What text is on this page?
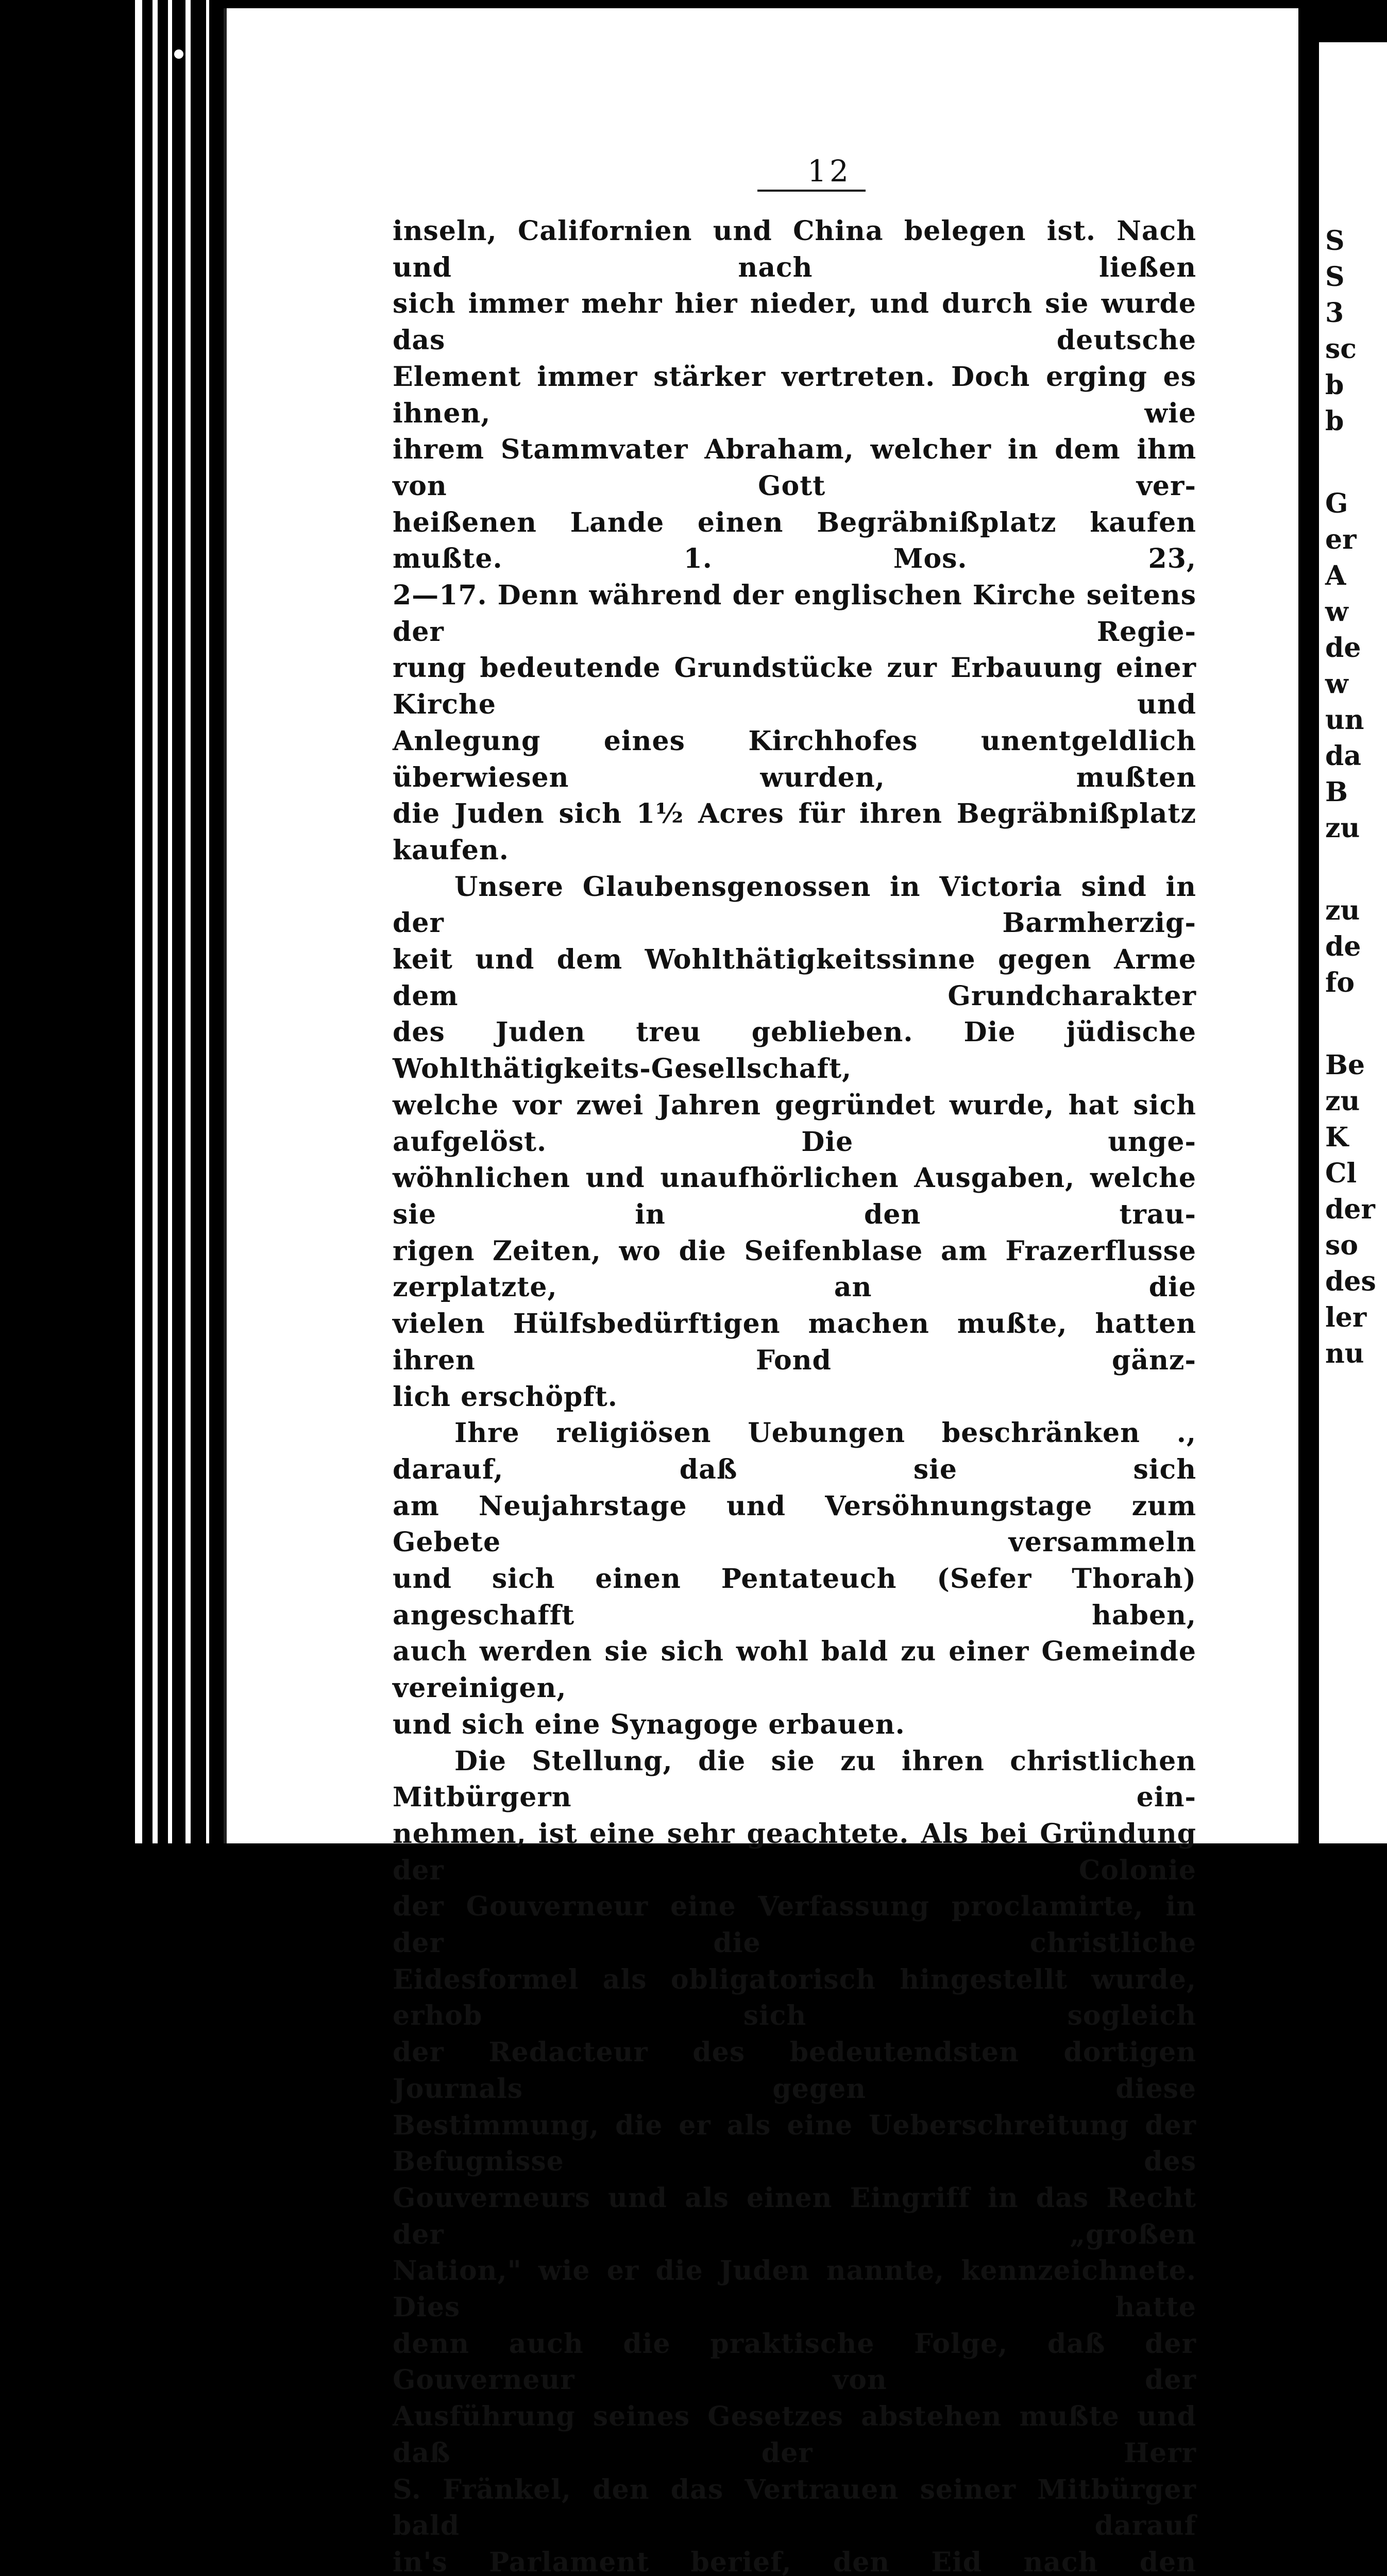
12

inseln, Californien und China belegen ist. Nach und nach ließen

sich immer mehr hier nieder, und durch sie wurde das deutsche

Element immer stärker vertreten. Doch erging es ihnen, wie

ihrem Stammvater Abraham, welcher in dem ihm von Gott ver-

heißenen Lande einen Begräbnißplatz kaufen mußte. 1. Mos. 23,

2—17. Denn während der englischen Kirche seitens der Regie-

rung bedeutende Grundstücke zur Erbauung einer Kirche und

Anlegung eines Kirchhofes unentgeldlich überwiesen wurden, mußten

die Juden sich 1½ Acres für ihren Begräbnißplatz kaufen.

Unsere Glaubensgenossen in Victoria sind in der Barmherzig-

keit und dem Wohlthätigkeitssinne gegen Arme dem Grundcharakter

des Juden treu geblieben. Die jüdische Wohlthätigkeits-Gesellschaft,

welche vor zwei Jahren gegründet wurde, hat sich aufgelöst. Die unge-

wöhnlichen und unaufhörlichen Ausgaben, welche sie in den trau-

rigen Zeiten, wo die Seifenblase am Frazerflusse zerplatzte, an die

vielen Hülfsbedürftigen machen mußte, hatten ihren Fond gänz-

lich erschöpft.

Ihre religiösen Uebungen beschränken ., darauf, daß sie sich

am Neujahrstage und Versöhnungstage zum Gebete versammeln

und sich einen Pentateuch (Sefer Thorah) angeschafft haben,

auch werden sie sich wohl bald zu einer Gemeinde vereinigen,

und sich eine Synagoge erbauen.

Die Stellung, die sie zu ihren christlichen Mitbürgern ein-

nehmen, ist eine sehr geachtete. Als bei Gründung der Colonie

der Gouverneur eine Verfassung proclamirte, in der die christliche

Eidesformel als obligatorisch hingestellt wurde, erhob sich sogleich

der Redacteur des bedeutendsten dortigen Journals gegen diese

Bestimmung, die er als eine Ueberschreitung der Befugnisse des

Gouverneurs und als einen Eingriff in das Recht der „großen

Nation," wie er die Juden nannte, kennzeichnete. Dies hatte

denn auch die praktische Folge, daß der Gouverneur von der

Ausführung seines Gesetzes abstehen mußte und daß der Herr

S. Fränkel, den das Vertrauen seiner Mitbürger bald darauf

in's Parlament berief, den Eid nach den

S
S
3
sc
b
b
G
er
A
w
de
w
un
da
B
zu
zu
de
fo
Be
zu
K
Cl
der
so
des
ler
nu
